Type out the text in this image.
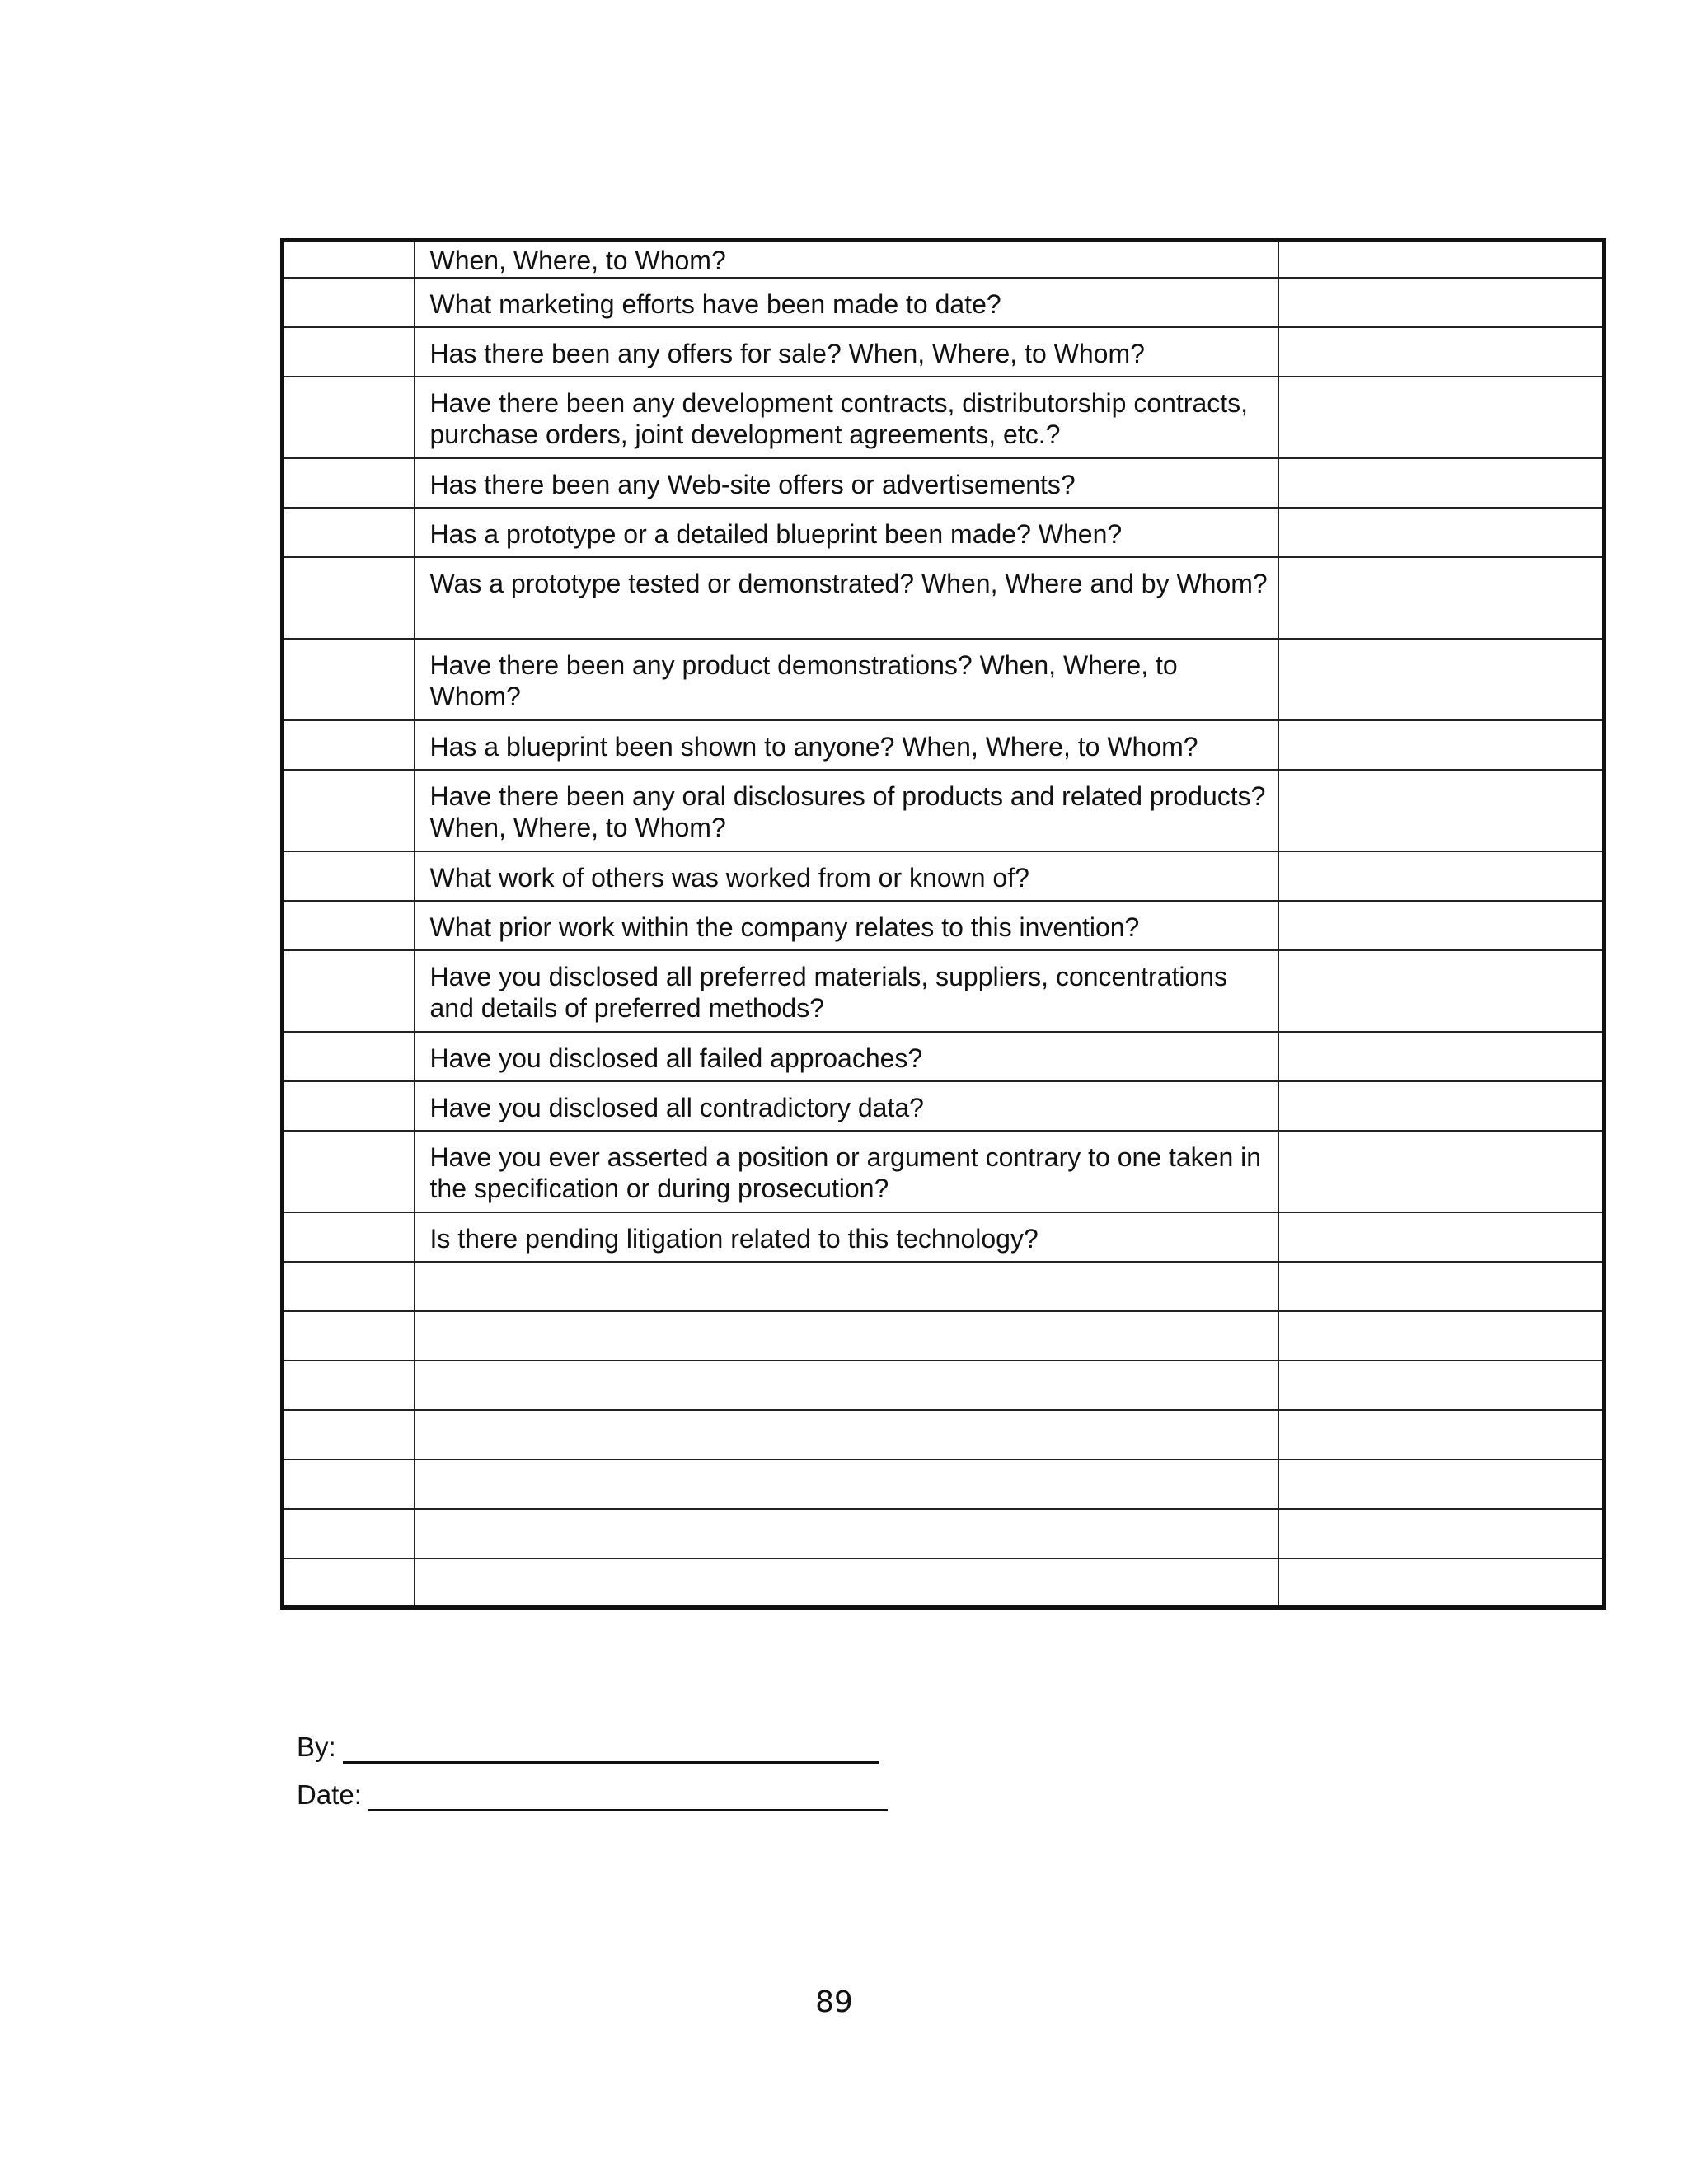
	When, Where, to Whom?	
	What marketing efforts have been made to date?	
	Has there been any offers for sale? When, Where, to Whom?	
	Have there been any development contracts, distributorship contracts, purchase orders, joint development agreements, etc.?	
	Has there been any Web-site offers or advertisements?	
	Has a prototype or a detailed blueprint been made? When?	
	Was a prototype tested or demonstrated? When, Where and by Whom?	
	Have there been any product demonstrations? When, Where, to Whom?	
	Has a blueprint been shown to anyone? When, Where, to Whom?	
	Have there been any oral disclosures of products and related products? When, Where, to Whom?	
	What work of others was worked from or known of?	
	What prior work within the company relates to this invention?	
	Have you disclosed all preferred materials, suppliers, concentrations and details of preferred methods?	
	Have you disclosed all failed approaches?	
	Have you disclosed all contradictory data?	
	Have you ever asserted a position or argument contrary to one taken in the specification or during prosecution?	
	Is there pending litigation related to this technology?	

By:
Date:
89
